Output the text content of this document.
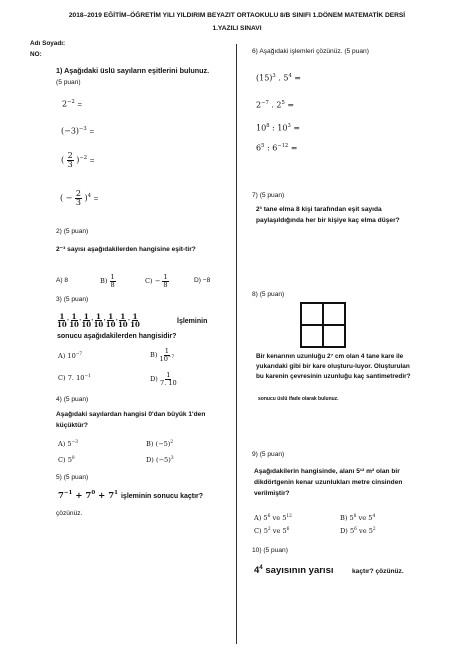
2018–2019 EĞİTİM–ÖĞRETİM YILI YILDIRIM BEYAZIT ORTAOKULU 8/B SINIFI 1.DÖNEM MATEMATİK DERSİ
1.YAZILI SINAVI
Adı Soyadı:
NO:
1) Aşağıdaki üslü sayıların eşitlerini bulunuz.
(5 puan)
$2^{-2}$ =
$(-3)^{-3}$ =
( $\frac{2}{3} )^{-2}$ =
( − $\frac{2}{3} )^4$ =
2) (5 puan)
2⁻³ sayısı aşağıdakilerden hangisine eşit-tir?
A) 8	$B) \frac{1}{8}$	$C) - \frac{1}{8}$	D) −8
3) (5 puan)
$\frac{1}{10} \cdot \frac{1}{10} \cdot \frac{1}{10} \cdot \frac{1}{10} \cdot \frac{1}{10} \cdot \frac{1}{10} \cdot \frac{1}{10}$	İşleminin
sonucu aşağıdakilerden hangisidir?
A) $10^{-7}$	$B) \frac{1}{10^{-7}}$
C) 7. $10^{-1}$	$D) \frac{1}{7. 10}$
4) (5 puan)
Aşağıdaki sayılardan hangisi 0'dan büyük 1'den küçüktür?
A) $5^{-3}$	B) $(-5)^2$
C) $5^0$	D) $(-5)^3$
5) (5 puan)
$7^{-1} + 7^0 + 7^1$ işleminin sonucu kaçtır?
çözünüz.
6) Aşağıdaki işlemleri çözünüz. (5 puan)
$(15)^3$ . $5^4$ =
$2^{-7}$ . $2^5$ =
$10^8$ : $10^3$ =
$6^5$ : $6^{-12}$ =
7) (5 puan)
2³ tane elma 8 kişi tarafından eşit sayıda paylaşıldığında her bir kişiye kaç elma düşer?
8) (5 puan)
Bir kenarının uzunluğu 2⁷ cm olan 4 tane kare ile yukarıdaki gibi bir kare oluşturu-luyor. Oluşturulan bu karenin çevresinin uzunluğu kaç santimetredir?
sonucu üslü ifade olarak bulunuz.
9) (5 puan)
Aşağıdakilerin hangisinde, alanı 5¹² m² olan bir dikdörtgenin kenar uzunlukları metre cinsinden verilmiştir?
A) $5^6$ ve $5^{12}$	B) $5^8$ ve $5^4$
C) $5^2$ ve $5^6$	D) $5^6$ ve $5^2$
10) (5 puan)
$4^4$ sayısının yarısı	kaçtır? çözünüz.
